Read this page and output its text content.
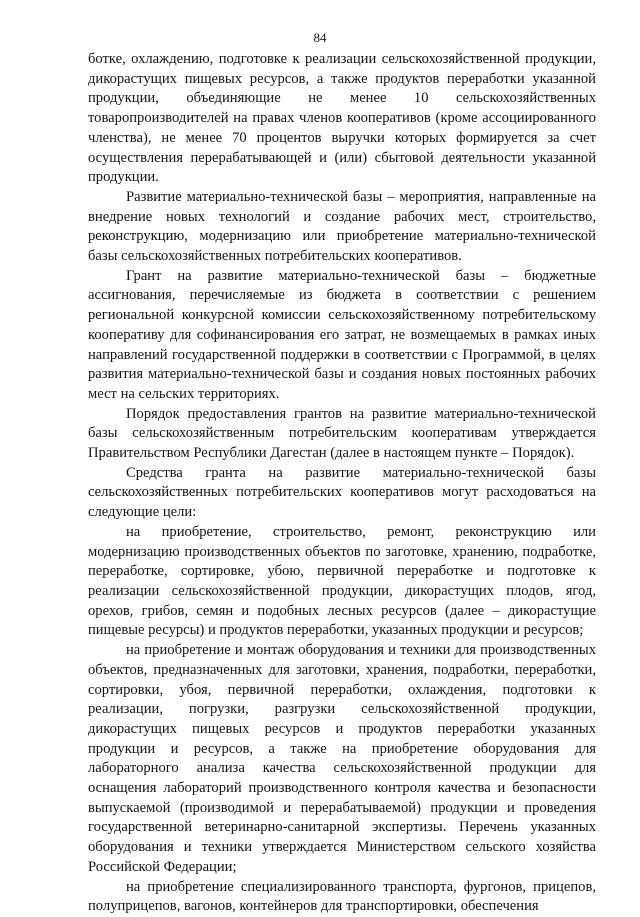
84

ботке, охлаждению, подготовке к реализации сельскохозяйственной продукции, дикорастущих пищевых ресурсов, а также продуктов переработки указанной продукции, объединяющие не менее 10 сельскохозяйственных товаропроизводителей на правах членов кооперативов (кроме ассоциированного членства), не менее 70 процентов выручки которых формируется за счет осуществления перерабатывающей и (или) сбытовой деятельности указанной продукции.

Развитие материально-технической базы – мероприятия, направленные на внедрение новых технологий и создание рабочих мест, строительство, реконструкцию, модернизацию или приобретение материально-технической базы сельскохозяйственных потребительских кооперативов.

Грант на развитие материально-технической базы – бюджетные ассигнования, перечисляемые из бюджета в соответствии с решением региональной конкурсной комиссии сельскохозяйственному потребительскому кооперативу для софинансирования его затрат, не возмещаемых в рамках иных направлений государственной поддержки в соответствии с Программой, в целях развития материально-технической базы и создания новых постоянных рабочих мест на сельских территориях.

Порядок предоставления грантов на развитие материально-технической базы сельскохозяйственным потребительским кооперативам утверждается Правительством Республики Дагестан (далее в настоящем пункте – Порядок).

Средства гранта на развитие материально-технической базы сельскохозяйственных потребительских кооперативов могут расходоваться на следующие цели:

на приобретение, строительство, ремонт, реконструкцию или модернизацию производственных объектов по заготовке, хранению, подработке, переработке, сортировке, убою, первичной переработке и подготовке к реализации сельскохозяйственной продукции, дикорастущих плодов, ягод, орехов, грибов, семян и подобных лесных ресурсов (далее – дикорастущие пищевые ресурсы) и продуктов переработки, указанных продукции и ресурсов;

на приобретение и монтаж оборудования и техники для производственных объектов, предназначенных для заготовки, хранения, подработки, переработки, сортировки, убоя, первичной переработки, охлаждения, подготовки к реализации, погрузки, разгрузки сельскохозяйственной продукции, дикорастущих пищевых ресурсов и продуктов переработки указанных продукции и ресурсов, а также на приобретение оборудования для лабораторного анализа качества сельскохозяйственной продукции для оснащения лабораторий производственного контроля качества и безопасности выпускаемой (производимой и перерабатываемой) продукции и проведения государственной ветеринарно-санитарной экспертизы. Перечень указанных оборудования и техники утверждается Министерством сельского хозяйства Российской Федерации;

на приобретение специализированного транспорта, фургонов, прицепов, полуприцепов, вагонов, контейнеров для транспортировки, обеспечения
